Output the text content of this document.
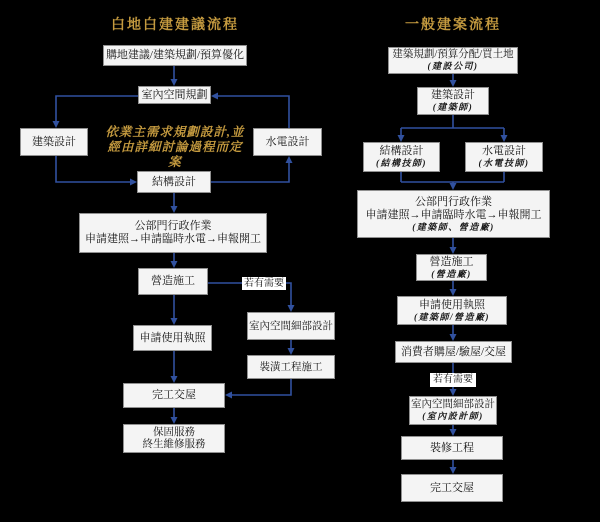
白地白建建議流程	一般建案流程
購地建議/建築規劃/預算優化
室內空間規劃
建築設計
依業主需求規劃設計,並 經由詳細討論過程而定案
水電設計
結構設計
公部門行政作業
申請建照→申請臨時水電→申報開工
營造施工	若有需要
室內空間細部設計
申請使用執照
裝潢工程施工
完工交屋
保固服務
終生維修服務
建築規劃/預算分配/買土地
(建設公司)
建築設計
(建築師)
結構設計
(結構技師)
水電設計
(水電技師)
公部門行政作業
申請建照→申請臨時水電→申報開工
(建築師、營造廠)
營造施工
(營造廠)
申請使用執照
(建築師/營造廠)
消費者購屋/驗屋/交屋
若有需要
室內空間細部設計
(室內設計師)
裝修工程
完工交屋
